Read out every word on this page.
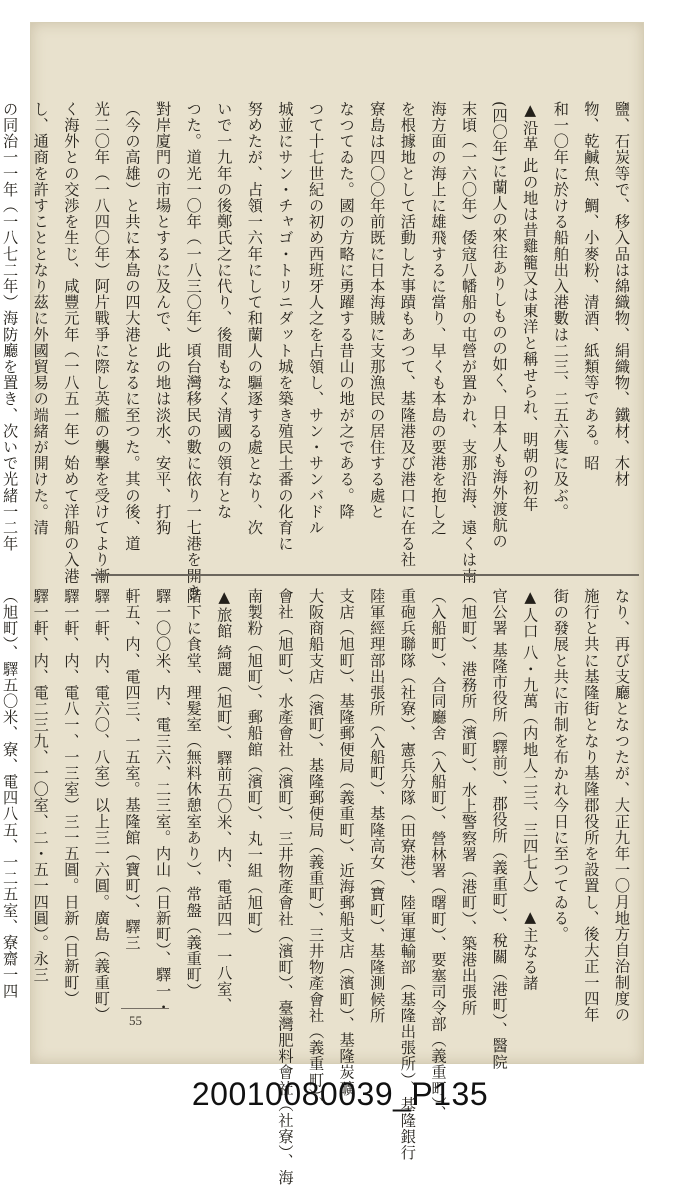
鹽、石炭等で、移入品は綿織物、絹織物、鐵材、木材
物、乾鹹魚、鯛、小麥粉、清酒、紙類等である。昭
和一〇年に於ける船舶出入港數は二三、二五六隻に及ぶ。
▲沿革 此の地は昔雞籠又は東洋と稱せられ、明朝の初年
(四〇年)に蘭人の來往ありしものの如く、日本人も海外渡航の
末頃（一六〇年）倭寇八幡船の屯營が置かれ、支那沿海、遠くは南
海方面の海上に雄飛するに當り、早くも本島の要港を抱し之
を根據地として活動した事蹟もあつて、基隆港及び港口に在る社
寮島は四〇〇年前既に日本海賊に支那漁民の居住する處と
なつてゐた。國の方略に勇躍する昔山の地が之である。降
つて十七世紀の初め西班牙人之を占領し、サン・サンバドル
城並にサン・チャゴ・トリニダット城を築き殖民土番の化育に
努めたが、占領一六年にして和蘭人の驅逐する處となり、次
いで一九年の後鄭氏之に代り、後間もなく清國の領有とな
つた。道光一〇年（一八三〇年）頃台灣移民の數に依り一七港を開き
對岸廈門の市場とするに及んで、此の地は淡水、安平、打狗
（今の高雄）と共に本島の四大港となるに至つた。其の後、道
光二〇年（一八四〇年）阿片戰爭に際し英艦の襲撃を受けてより漸
く海外との交渉を生じ、咸豐元年（一八五一年）始めて洋船の入港
し、通商を許すこととなり茲に外國貿易の端緒が開けた。清
の同治一一年（一八七二年）海防廳を置き、次いで光緒一二年
なり、再び支廳となつたが、大正九年一〇月地方自治制度の
施行と共に基隆街となり基隆郡役所を設置し、後大正一四年
街の發展と共に市制を布かれ今日に至つてゐる。
▲人口 八・九萬（内地人二三、三四七人） ▲主なる諸
官公署 基隆市役所（驛前）、郡役所（義重町）、稅關（港町）、醫院
（旭町）、港務所（濱町）、水上警察署（港町）、築港出張所
（入船町）、合同廳舍（入船町）、營林署（曙町）、要塞司令部（義重町）、
重砲兵聯隊（社寮）、憲兵分隊（田寮港）、陸軍運輸部（基隆出張所）、基隆銀行
陸軍經理部出張所（入船町）、基隆高女（寶町）、基隆測候所
支店（旭町）、基隆郵便局（義重町）、近海郵船支店（濱町）、基隆炭礦
大阪商船支店（濱町）、基隆郵便局（義重町）、三井物產會社（義重町）、
會社（旭町）、水產會社（濱町）、三井物產會社（濱町）、臺灣肥料會社（社寮）、海
南製粉（旭町）、郵船館（濱町）、丸一組（旭町）
▲旅館 綺麗（旭町）、驛前五〇米、内、電話四一 一八室、
階下に食堂、理髮室（無料休憩室あり）、常盤（義重町）
驛一〇〇米、内、電三六、二三室。内山（日新町）、驛一・
軒五、内、電四三、一五室。基隆館（寶町）、驛三
驛一軒、内、電六〇、八室）以上三一六圓。廣島（義重町）
驛一軒、内、電八一、一三室）三一五圓。日新（日新町）
驛一軒、内、電二三九、一〇室、二・五一四圓）。永三
（旭町）、驛五〇米、寮、電四八五、一二五室、寮齋一四
55
20010080039_P135
